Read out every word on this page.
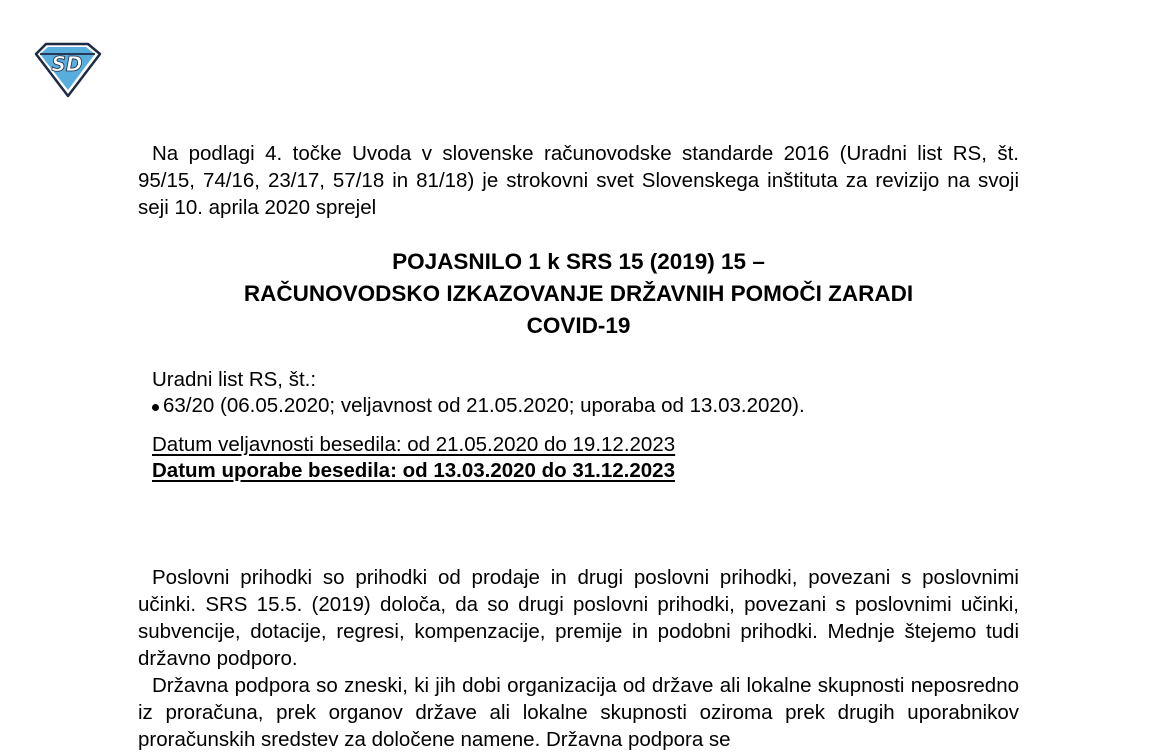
SD

Na podlagi 4. točke Uvoda v slovenske računovodske standarde 2016 (Uradni list RS, št. 95/15, 74/16, 23/17, 57/18 in 81/18) je strokovni svet Slovenskega inštituta za revizijo na svoji seji 10. aprila 2020 sprejel

POJASNILO 1 k SRS 15 (2019) 15 –
RAČUNOVODSKO IZKAZOVANJE DRŽAVNIH POMOČI ZARADI
COVID-19
Uradni list RS, št.:
63/20 (06.05.2020; veljavnost od 21.05.2020; uporaba od 13.03.2020).
Datum veljavnosti besedila: od 21.05.2020 do 19.12.2023
Datum uporabe besedila: od 13.03.2020 do 31.12.2023

Poslovni prihodki so prihodki od prodaje in drugi poslovni prihodki, povezani s poslovnimi učinki. SRS 15.5. (2019) določa, da so drugi poslovni prihodki, povezani s poslovnimi učinki, subvencije, dotacije, regresi, kompenzacije, premije in podobni prihodki. Mednje štejemo tudi državno podporo.

Državna podpora so zneski, ki jih dobi organizacija od države ali lokalne skupnosti neposredno iz proračuna, prek organov države ali lokalne skupnosti oziroma prek drugih uporabnikov proračunskih sredstev za določene namene. Državna podpora se
